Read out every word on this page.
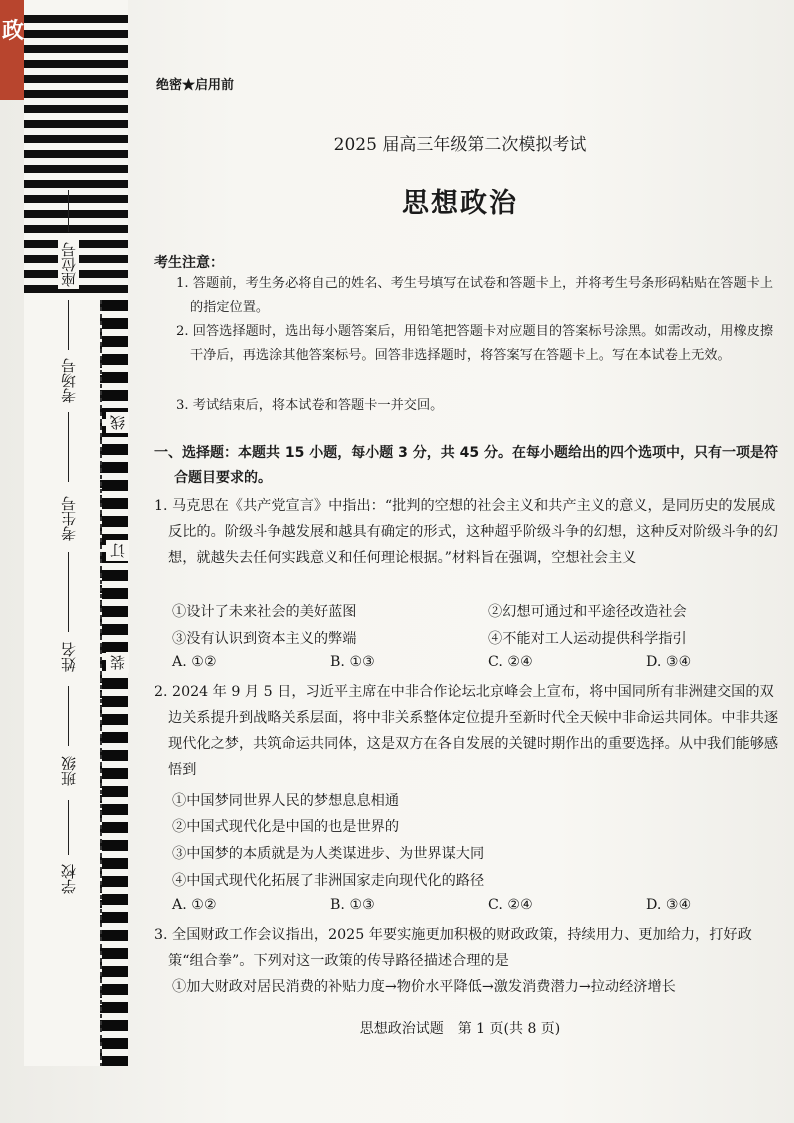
政
座位号
考场号
考生号
姓名
班级
学校
线
订
装
绝密★启用前
2025 届高三年级第二次模拟考试
思想政治
考生注意：
1. 答题前，考生务必将自己的姓名、考生号填写在试卷和答题卡上，并将考生号条形码粘贴在答题卡上的指定位置。
2. 回答选择题时，选出每小题答案后，用铅笔把答题卡对应题目的答案标号涂黑。如需改动，用橡皮擦干净后，再选涂其他答案标号。回答非选择题时，将答案写在答题卡上。写在本试卷上无效。
3. 考试结束后，将本试卷和答题卡一并交回。
一、选择题：本题共 15 小题，每小题 3 分，共 45 分。在每小题给出的四个选项中，只有一项是符合题目要求的。
1. 马克思在《共产党宣言》中指出：“批判的空想的社会主义和共产主义的意义，是同历史的发展成反比的。阶级斗争越发展和越具有确定的形式，这种超乎阶级斗争的幻想，这种反对阶级斗争的幻想，就越失去任何实践意义和任何理论根据。”材料旨在强调，空想社会主义
①设计了未来社会的美好蓝图	②幻想可通过和平途径改造社会
③没有认识到资本主义的弊端	④不能对工人运动提供科学指引
A. ①②	B. ①③	C. ②④	D. ③④
2. 2024 年 9 月 5 日，习近平主席在中非合作论坛北京峰会上宣布，将中国同所有非洲建交国的双边关系提升到战略关系层面，将中非关系整体定位提升至新时代全天候中非命运共同体。中非共逐现代化之梦，共筑命运共同体，这是双方在各自发展的关键时期作出的重要选择。从中我们能够感悟到
①中国梦同世界人民的梦想息息相通
②中国式现代化是中国的也是世界的
③中国梦的本质就是为人类谋进步、为世界谋大同
④中国式现代化拓展了非洲国家走向现代化的路径
A. ①②	B. ①③	C. ②④	D. ③④
3. 全国财政工作会议指出，2025 年要实施更加积极的财政政策，持续用力、更加给力，打好政策“组合拳”。下列对这一政策的传导路径描述合理的是
①加大财政对居民消费的补贴力度→物价水平降低→激发消费潜力→拉动经济增长
思想政治试题　第 1 页(共 8 页)
